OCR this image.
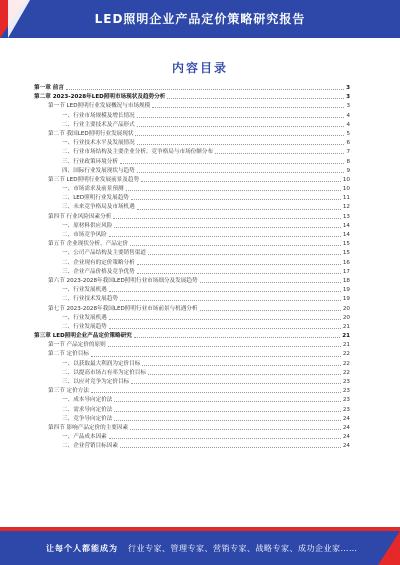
LED照明企业产品定价策略研究报告
内容目录
第一章 前言	3
第二章 2023-2028年LED照明市场现状及趋势分析	3
第一节 LED照明行业发展概况与市场规模	3
一、行业市场规模及增长情况	4
二、行业主要技术及产品形式	4
第二节 我国LED照明行业发展现状	5
一、行业技术水平及发展情况	6
二、行业市场结构及主要企业分析、竞争格局与市场份额分布	7
三、行业政策环境分析	8
四、国际行业发展现状与趋势	9
第三节 LED照明行业发展前景及趋势	10
一、市场需求及前景预测	10
二、LED照明行业发展趋势	11
三、未来竞争格局及市场机遇	12
第四节 行业风险因素分析	13
一、原材料供应风险	14
二、市场竞争风险	14
第五节 企业现状分析、产品定价	15
一、公司产品结构及主要销售渠道	15
二、企业现有的定价策略分析	16
三、企业产品价格及竞争优势	17
第六节 2023-2028年我国LED照明行业市场细分及发展趋势	18
一、行业发展机遇	19
二、行业技术发展趋势	19
第七节 2023-2028年我国LED照明行业市场前景与机遇分析	20
一、行业发展机遇	20
二、行业发展趋势	21
第三章 LED照明企业产品定价策略研究	21
第一节 产品定价的原则	21
第二节 定价目标	22
一、以获取最大利润为定价目标	22
二、以提高市场占有率为定价目标	22
三、以应对竞争为定价目标	23
第三节 定价方法	23
一、成本导向定价法	23
二、需求导向定价法	23
三、竞争导向定价法	24
第四节 影响产品定价的主要因素	24
一、产品成本因素	24
二、企业营销目标因素	24
让每个人都能成为 行业专家、管理专家、营销专家、战略专家、成功企业家……
